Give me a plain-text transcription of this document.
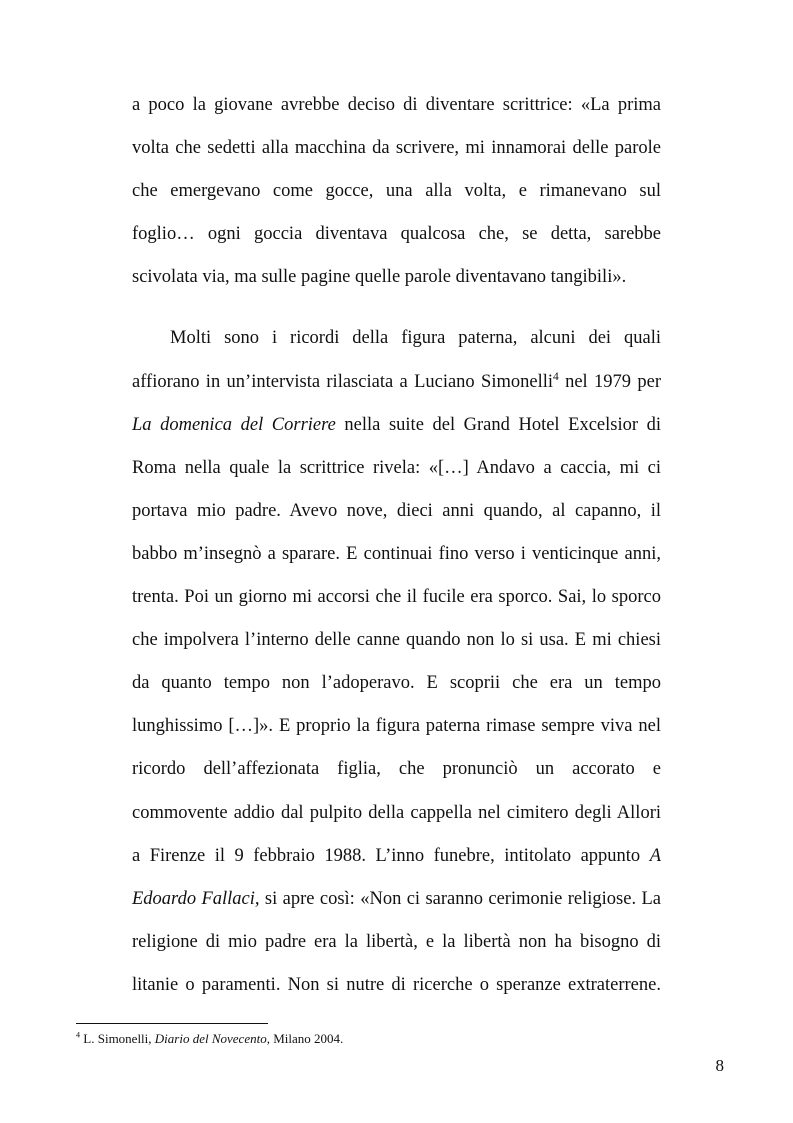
a poco la giovane avrebbe deciso di diventare scrittrice: «La prima
volta che sedetti alla macchina da scrivere, mi innamorai delle parole
che emergevano come gocce, una alla volta, e rimanevano sul
foglio… ogni goccia diventava qualcosa che, se detta, sarebbe
scivolata via, ma sulle pagine quelle parole diventavano tangibili».
Molti sono i ricordi della figura paterna, alcuni dei quali
affiorano in un’intervista rilasciata a Luciano Simonelli$^4$ nel 1979 per
La domenica del Corriere nella suite del Grand Hotel Excelsior di
Roma nella quale la scrittrice rivela: «[…] Andavo a caccia, mi ci
portava mio padre. Avevo nove, dieci anni quando, al capanno, il
babbo m’insegnò a sparare. E continuai fino verso i venticinque anni,
trenta. Poi un giorno mi accorsi che il fucile era sporco. Sai, lo sporco
che impolvera l’interno delle canne quando non lo si usa. E mi chiesi
da quanto tempo non l’adoperavo. E scoprii che era un tempo
lunghissimo […]». E proprio la figura paterna rimase sempre viva nel
ricordo dell’affezionata figlia, che pronunciò un accorato e
commovente addio dal pulpito della cappella nel cimitero degli Allori
a Firenze il 9 febbraio 1988. L’inno funebre, intitolato appunto A
Edoardo Fallaci, si apre così: «Non ci saranno cerimonie religiose. La
religione di mio padre era la libertà, e la libertà non ha bisogno di
litanie o paramenti. Non si nutre di ricerche o speranze extraterrene.
$^4$ L. Simonelli, Diario del Novecento, Milano 2004.
8
